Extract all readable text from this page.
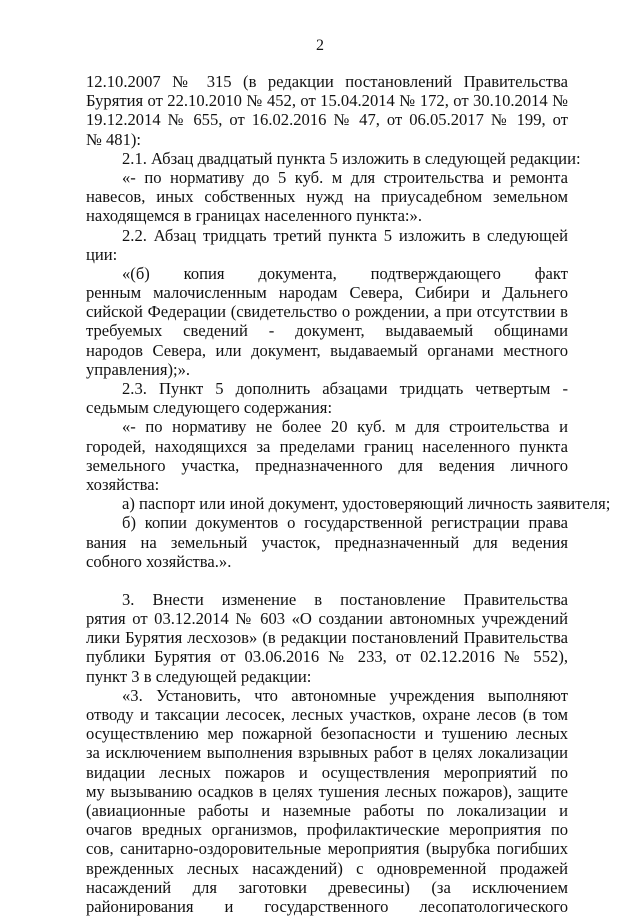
2
12.10.2007 № 315 (в редакции постановлений Правительства
Бурятия от 22.10.2010 № 452, от 15.04.2014 № 172, от 30.10.2014 №
19.12.2014 № 655, от 16.02.2016 № 47, от 06.05.2017 № 199, от
№ 481):
2.1. Абзац двадцатый пункта 5 изложить в следующей редакции:
«- по нормативу до 5 куб. м для строительства и ремонта
навесов, иных собственных нужд на приусадебном земельном
находящемся в границах населенного пункта:».
2.2. Абзац тридцать третий пункта 5 изложить в следующей
ции:
«(б) копия документа, подтверждающего факт
ренным малочисленным народам Севера, Сибири и Дальнего
сийской Федерации (свидетельство о рождении, а при отсутствии в
требуемых сведений - документ, выдаваемый общинами
народов Севера, или документ, выдаваемый органами местного
управления);».
2.3. Пункт 5 дополнить абзацами тридцать четвертым -
седьмым следующего содержания:
«- по нормативу не более 20 куб. м для строительства и
городей, находящихся за пределами границ населенного пункта
земельного участка, предназначенного для ведения личного
хозяйства:
а) паспорт или иной документ, удостоверяющий личность заявителя;
б) копии документов о государственной регистрации права
вания на земельный участок, предназначенный для ведения
собного хозяйства.».
3. Внести изменение в постановление Правительства
рятия от 03.12.2014 № 603 «О создании автономных учреждений
лики Бурятия лесхозов» (в редакции постановлений Правительства
публики Бурятия от 03.06.2016 № 233, от 02.12.2016 № 552),
пункт 3 в следующей редакции:
«3. Установить, что автономные учреждения выполняют
отводу и таксации лесосек, лесных участков, охране лесов (в том
осуществлению мер пожарной безопасности и тушению лесных
за исключением выполнения взрывных работ в целях локализации
видации лесных пожаров и осуществления мероприятий по
му вызыванию осадков в целях тушения лесных пожаров), защите
(авиационные работы и наземные работы по локализации и
очагов вредных организмов, профилактические мероприятия по
сов, санитарно-оздоровительные мероприятия (вырубка погибших
врежденных лесных насаждений) с одновременной продажей
насаждений для заготовки древесины) (за исключением
районирования и государственного лесопатологического
